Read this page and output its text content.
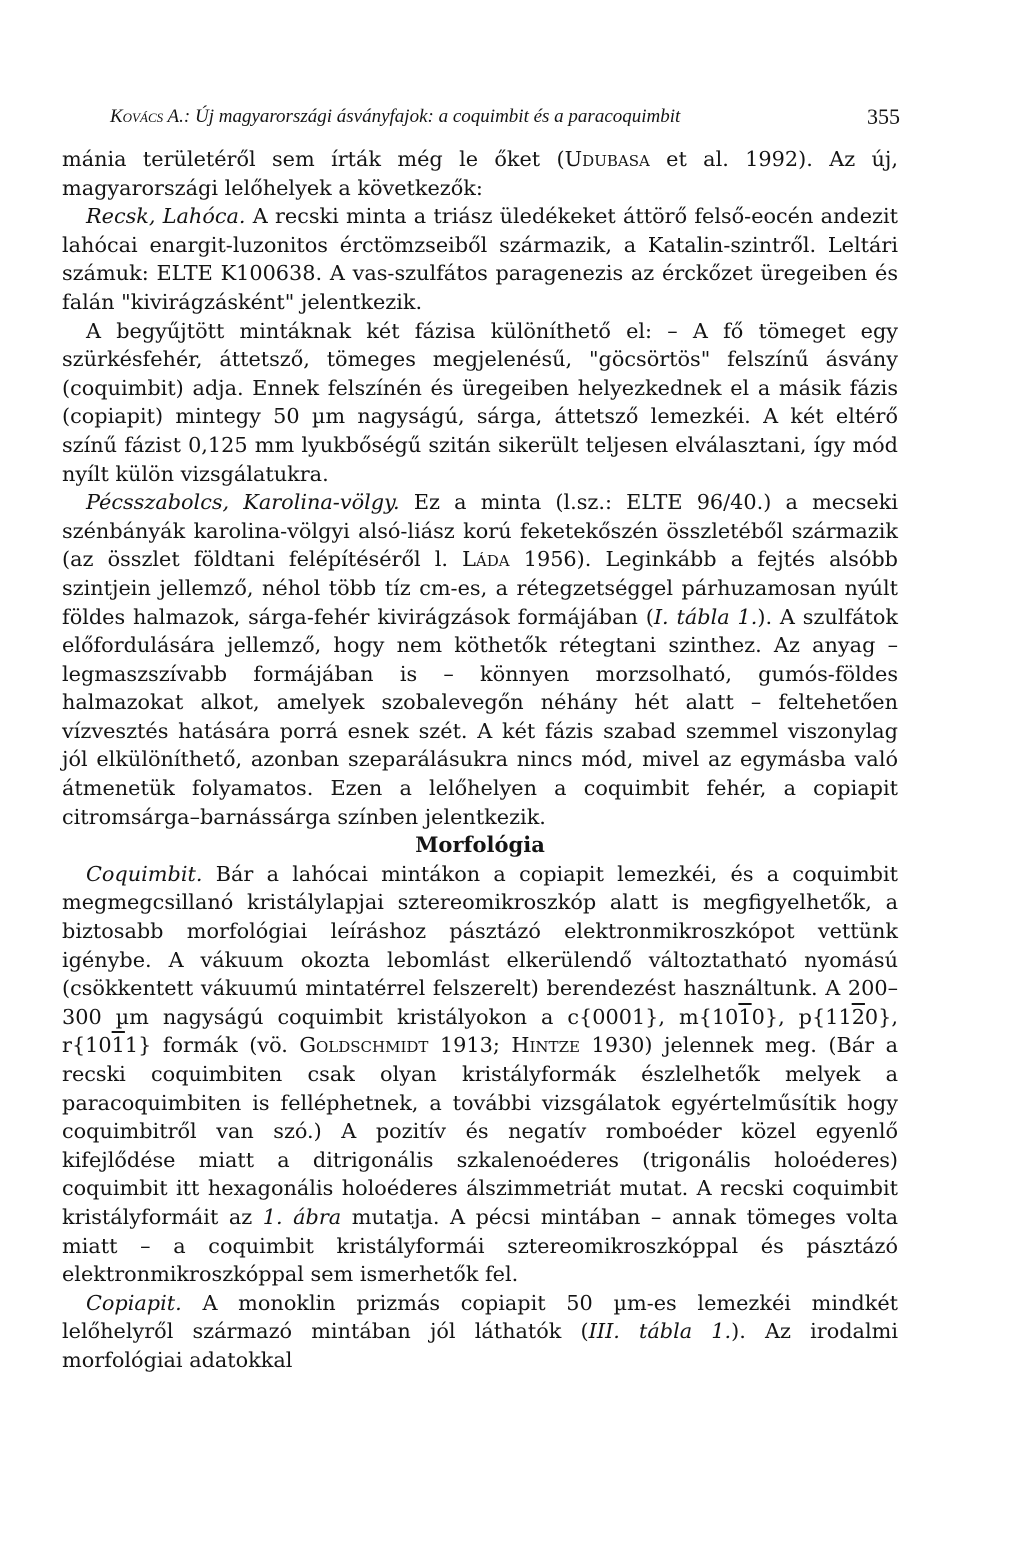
Kovács A.: Új magyarországi ásványfajok: a coquimbit és a paracoquimbit	355

mánia területéről sem írták még le őket (Udubasa et al. 1992). Az új, magyarországi lelőhelyek a következők:

Recsk, Lahóca. A recski minta a triász üledékeket áttörő felső-eocén andezit lahócai enargit-luzonitos érctömzseiből származik, a Katalin-szintről. Leltári számuk: ELTE K100638. A vas-szulfátos paragenezis az érckőzet üregeiben és falán "kivirágzásként" jelentkezik.

A begyűjtött mintáknak két fázisa különíthető el: – A fő tömeget egy szürkésfehér, áttetsző, tömeges megjelenésű, "göcsörtös" felszínű ásvány (coquimbit) adja. Ennek felszínén és üregeiben helyezkednek el a másik fázis (copiapit) mintegy 50 µm nagyságú, sárga, áttetsző lemezkéi. A két eltérő színű fázist 0,125 mm lyukbőségű szitán sikerült teljesen elválasztani, így mód nyílt külön vizsgálatukra.

Pécsszabolcs, Karolina-völgy. Ez a minta (l.sz.: ELTE 96/40.) a mecseki szénbányák karolina-völgyi alsó-liász korú feketekőszén összletéből származik (az összlet földtani felépítéséről l. Láda 1956). Leginkább a fejtés alsóbb szintjein jellemző, néhol több tíz cm-es, a rétegzetséggel párhuzamosan nyúlt földes halmazok, sárga-fehér kivirágzások formájában (I. tábla 1.). A szulfátok előfordulására jellemző, hogy nem köthetők rétegtani szinthez. Az anyag – legmaszszívabb formájában is – könnyen morzsolható, gumós-földes halmazokat alkot, amelyek szobalevegőn néhány hét alatt – feltehetően vízvesztés hatására porrá esnek szét. A két fázis szabad szemmel viszonylag jól elkülöníthető, azonban szeparálásukra nincs mód, mivel az egymásba való átmenetük folyamatos. Ezen a lelőhelyen a coquimbit fehér, a copiapit citromsárga–barnássárga színben jelentkezik.

Morfológia

Coquimbit. Bár a lahócai mintákon a copiapit lemezkéi, és a coquimbit megmegcsillanó kristálylapjai sztereomikroszkóp alatt is megfigyelhetők, a biztosabb morfológiai leíráshoz pásztázó elektronmikroszkópot vettünk igénybe. A vákuum okozta lebomlást elkerülendő változtatható nyomású (csökkentett vákuumú mintatérrel felszerelt) berendezést használtunk. A 200–300 µm nagyságú coquimbit kristályokon a c{0001}, m{1010}, p{1120}, r{1011} formák (vö. Goldschmidt 1913; Hintze 1930) jelennek meg. (Bár a recski coquimbiten csak olyan kristályformák észlelhetők melyek a paracoquimbiten is felléphetnek, a további vizsgálatok egyértelműsítik hogy coquimbitről van szó.) A pozitív és negatív romboéder közel egyenlő kifejlődése miatt a ditrigonális szkalenoéderes (trigonális holoéderes) coquimbit itt hexagonális holoéderes álszimmetriát mutat. A recski coquimbit kristályformáit az 1. ábra mutatja. A pécsi mintában – annak tömeges volta miatt – a coquimbit kristályformái sztereomikroszkóppal és pásztázó elektronmikroszkóppal sem ismerhetők fel.

Copiapit. A monoklin prizmás copiapit 50 µm-es lemezkéi mindkét lelőhelyről származó mintában jól láthatók (III. tábla 1.). Az irodalmi morfológiai adatokkal
